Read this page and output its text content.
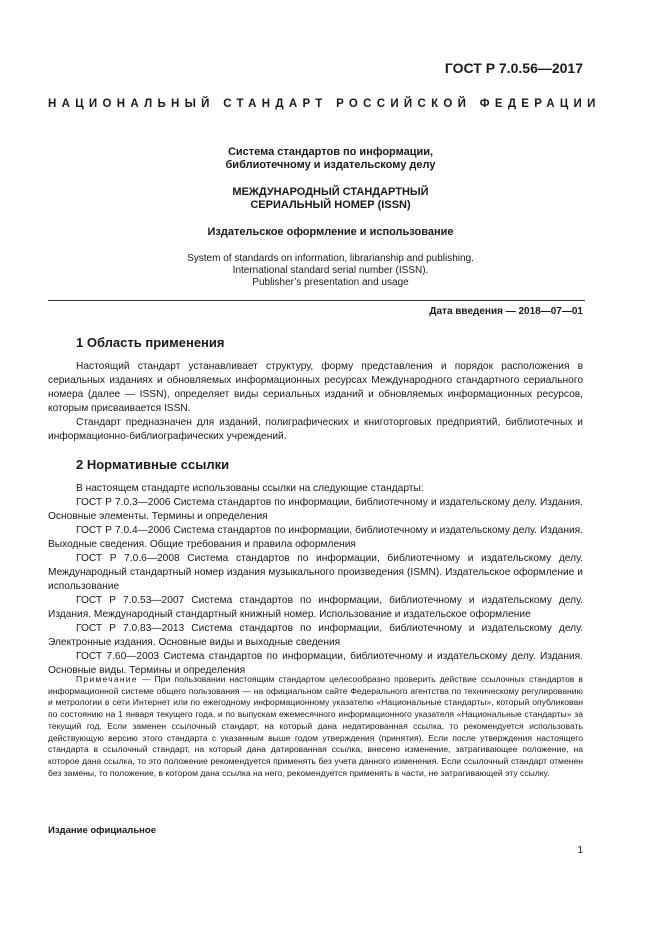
ГОСТ Р 7.0.56—2017
НАЦИОНАЛЬНЫЙ СТАНДАРТ РОССИЙСКОЙ ФЕДЕРАЦИИ
Система стандартов по информации,
библиотечному и издательскому делу
МЕЖДУНАРОДНЫЙ СТАНДАРТНЫЙ
СЕРИАЛЬНЫЙ НОМЕР (ISSN)
Издательское оформление и использование
System of standards on information, librarianship and publishing.
International standard serial number (ISSN).
Publisher’s presentation and usage
Дата введения — 2018—07—01
1 Область применения

Настоящий стандарт устанавливает структуру, форму представления и порядок расположения в сериальных изданиях и обновляемых информационных ресурсах Международного стандартного сериального номера (далее — ISSN), определяет виды сериальных изданий и обновляемых информационных ресурсов, которым присваивается ISSN.

Стандарт предназначен для изданий, полиграфических и книготорговых предприятий, библиотечных и информационно-библиографических учреждений.

2 Нормативные ссылки

В настоящем стандарте использованы ссылки на следующие стандарты:

ГОСТ Р 7.0.3—2006 Система стандартов по информации, библиотечному и издательскому делу. Издания. Основные элементы. Термины и определения

ГОСТ Р 7.0.4—2006 Система стандартов по информации, библиотечному и издательскому делу. Издания. Выходные сведения. Общие требования и правила оформления

ГОСТ Р 7.0.6—2008 Система стандартов по информации, библиотечному и издательскому делу. Международный стандартный номер издания музыкального произведения (ISMN). Издательское оформление и использование

ГОСТ Р 7.0.53—2007 Система стандартов по информации, библиотечному и издательскому делу. Издания. Международный стандартный книжный номер. Использование и издательское оформление

ГОСТ Р 7.0.83—2013 Система стандартов по информации, библиотечному и издательскому делу. Электронные издания. Основные виды и выходные сведения

ГОСТ 7.60—2003 Система стандартов по информации, библиотечному и издательскому делу. Издания. Основные виды. Термины и определения

Примечание — При пользовании настоящим стандартом целесообразно проверить действие ссылочных стандартов в информационной системе общего пользования — на официальном сайте Федерального агентства по техническому регулированию и метрологии в сети Интернет или по ежегодному информационному указателю «Национальные стандарты», который опубликован по состоянию на 1 января текущего года, и по выпускам ежемесячного информационного указателя «Национальные стандарты» за текущий год. Если заменен ссылочный стандарт, на который дана недатированная ссылка, то рекомендуется использовать действующую версию этого стандарта с указанным выше годом утверждения (принятия). Если после утверждения настоящего стандарта в ссылочный стандарт, на который дана датированная ссылка, внесено изменение, затрагивающее положение, на которое дана ссылка, то это положение рекомендуется применять без учета данного изменения. Если ссылочный стандарт отменен без замены, то положение, в котором дана ссылка на него, рекомендуется применять в части, не затрагивающей эту ссылку.
Издание официальное
1
